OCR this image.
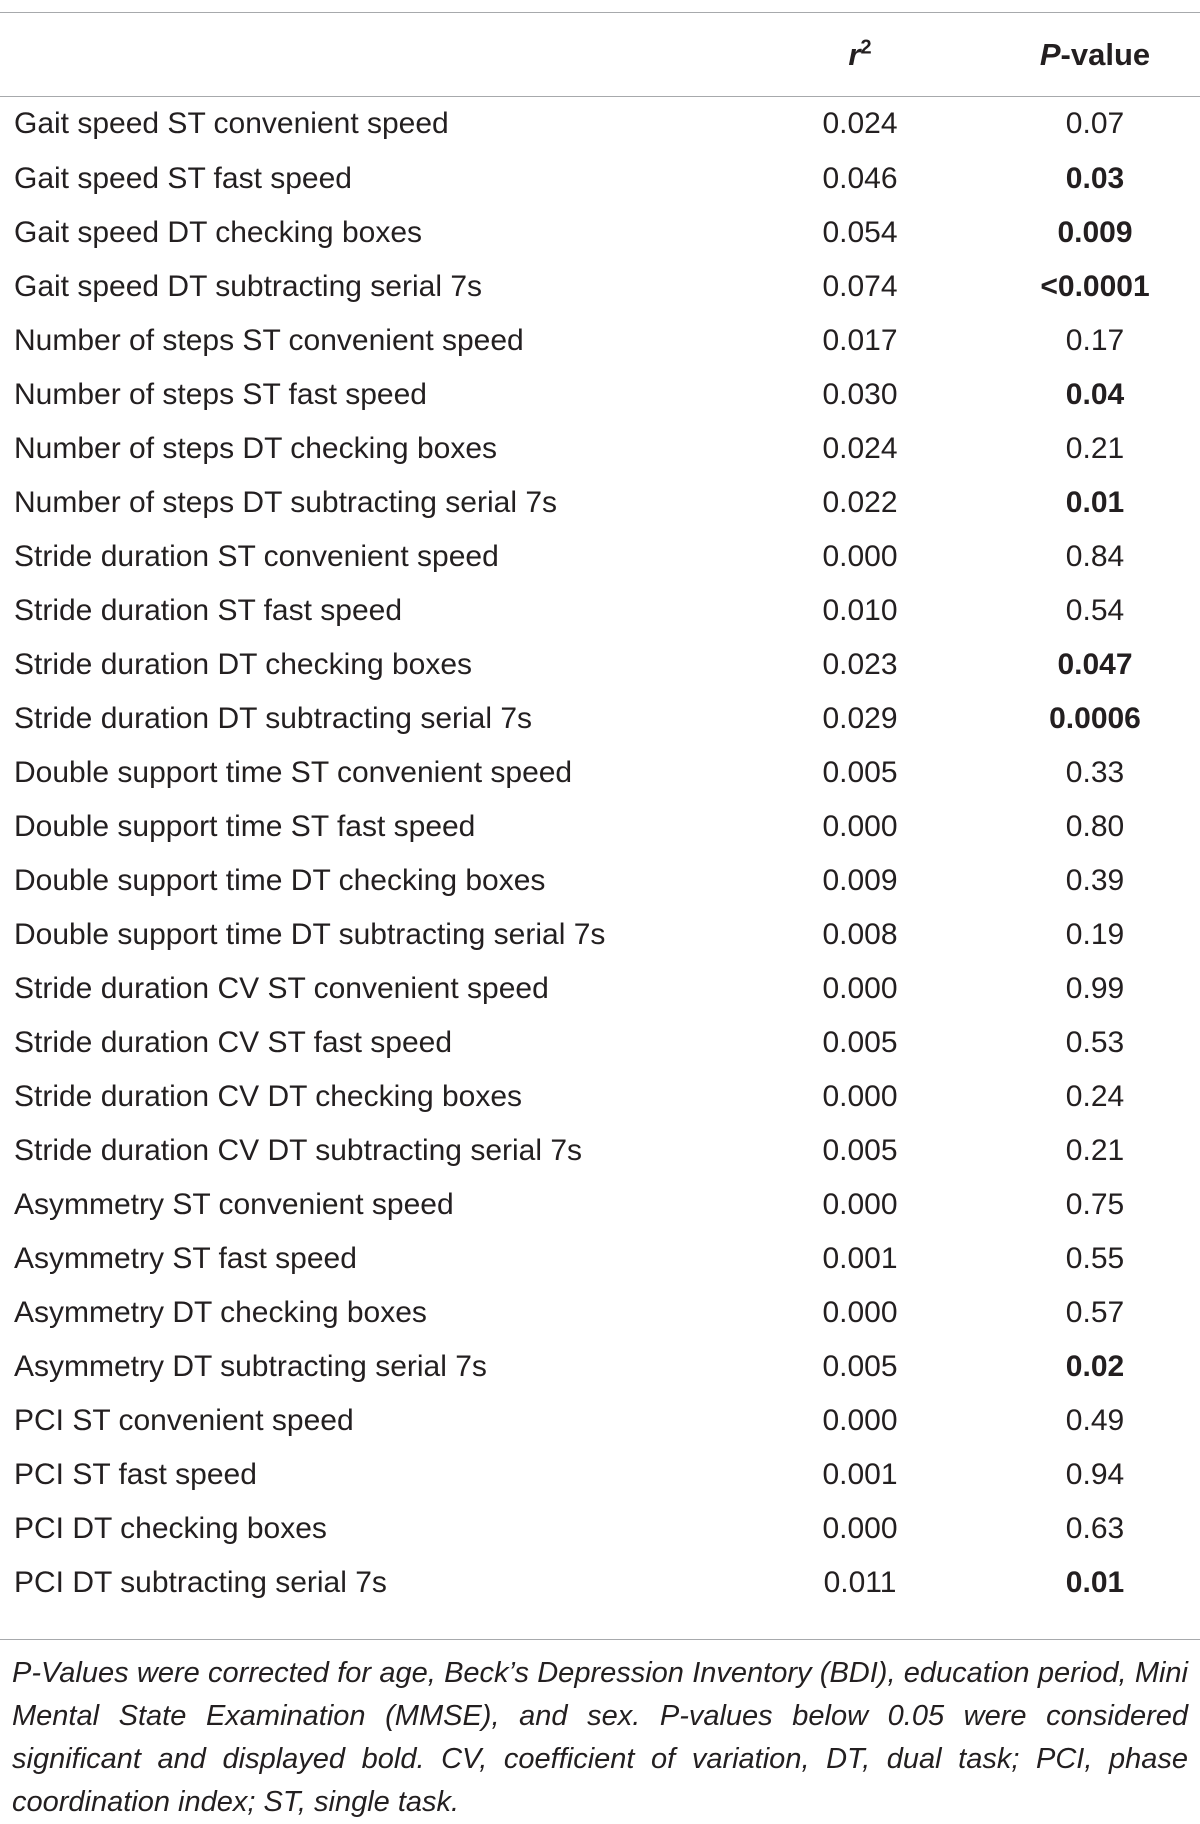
	$r^2$	P-value
Gait speed ST convenient speed	0.024	0.07
Gait speed ST fast speed	0.046	0.03
Gait speed DT checking boxes	0.054	0.009
Gait speed DT subtracting serial 7s	0.074	<0.0001
Number of steps ST convenient speed	0.017	0.17
Number of steps ST fast speed	0.030	0.04
Number of steps DT checking boxes	0.024	0.21
Number of steps DT subtracting serial 7s	0.022	0.01
Stride duration ST convenient speed	0.000	0.84
Stride duration ST fast speed	0.010	0.54
Stride duration DT checking boxes	0.023	0.047
Stride duration DT subtracting serial 7s	0.029	0.0006
Double support time ST convenient speed	0.005	0.33
Double support time ST fast speed	0.000	0.80
Double support time DT checking boxes	0.009	0.39
Double support time DT subtracting serial 7s	0.008	0.19
Stride duration CV ST convenient speed	0.000	0.99
Stride duration CV ST fast speed	0.005	0.53
Stride duration CV DT checking boxes	0.000	0.24
Stride duration CV DT subtracting serial 7s	0.005	0.21
Asymmetry ST convenient speed	0.000	0.75
Asymmetry ST fast speed	0.001	0.55
Asymmetry DT checking boxes	0.000	0.57
Asymmetry DT subtracting serial 7s	0.005	0.02
PCI ST convenient speed	0.000	0.49
PCI ST fast speed	0.001	0.94
PCI DT checking boxes	0.000	0.63
PCI DT subtracting serial 7s	0.011	0.01
P-Values were corrected for age, Beck’s Depression Inventory (BDI), education period, Mini Mental State Examination (MMSE), and sex. P-values below 0.05 were considered significant and displayed bold. CV, coefficient of variation, DT, dual task; PCI, phase coordination index; ST, single task.
